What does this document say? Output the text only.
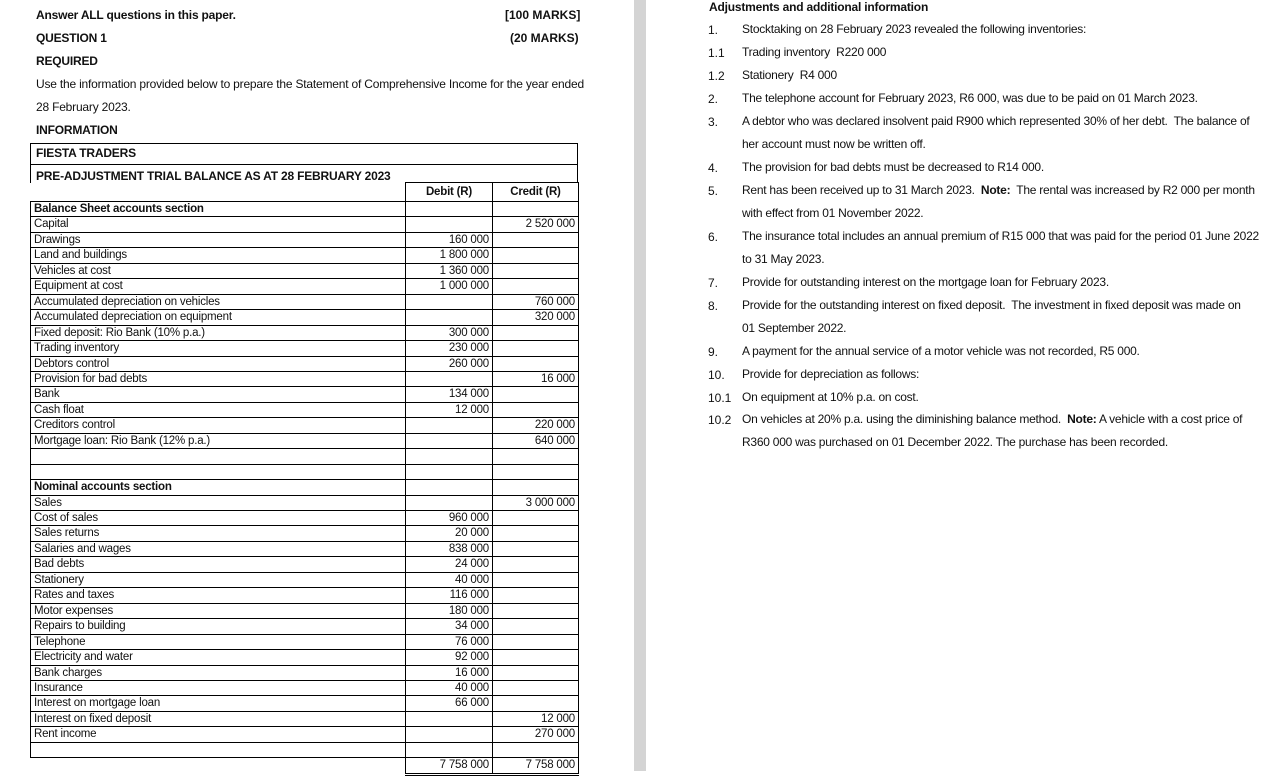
Answer ALL questions in this paper.	[100 MARKS]
QUESTION 1	(20 MARKS)
REQUIRED
Use the information provided below to prepare the Statement of Comprehensive Income for the year ended
28 February 2023.
INFORMATION
FIESTA TRADERS
PRE-ADJUSTMENT TRIAL BALANCE AS AT 28 FEBRUARY 2023
	Debit (R)	Credit (R)
Balance Sheet accounts section		
Capital		2 520 000
Drawings	160 000	
Land and buildings	1 800 000	
Vehicles at cost	1 360 000	
Equipment at cost	1 000 000	
Accumulated depreciation on vehicles		760 000
Accumulated depreciation on equipment		320 000
Fixed deposit: Rio Bank (10% p.a.)	300 000	
Trading inventory	230 000	
Debtors control	260 000	
Provision for bad debts		16 000
Bank	134 000	
Cash float	12 000	
Creditors control		220 000
Mortgage loan: Rio Bank (12% p.a.)		640 000

Nominal accounts section		
Sales		3 000 000
Cost of sales	960 000	
Sales returns	20 000	
Salaries and wages	838 000	
Bad debts	24 000	
Stationery	40 000	
Rates and taxes	116 000	
Motor expenses	180 000	
Repairs to building	34 000	
Telephone	76 000	
Electricity and water	92 000	
Bank charges	16 000	
Insurance	40 000	
Interest on mortgage loan	66 000	
Interest on fixed deposit		12 000
Rent income		270 000

	7 758 000	7 758 000
Adjustments and additional information
1. Stocktaking on 28 February 2023 revealed the following inventories:
1.1 Trading inventory  R220 000
1.2 Stationery  R4 000
2. The telephone account for February 2023, R6 000, was due to be paid on 01 March 2023.
3. A debtor who was declared insolvent paid R900 which represented 30% of her debt.  The balance of
her account must now be written off.
4. The provision for bad debts must be decreased to R14 000.
5. Rent has been received up to 31 March 2023.  Note:  The rental was increased by R2 000 per month
with effect from 01 November 2022.
6. The insurance total includes an annual premium of R15 000 that was paid for the period 01 June 2022
to 31 May 2023.
7. Provide for outstanding interest on the mortgage loan for February 2023.
8. Provide for the outstanding interest on fixed deposit.  The investment in fixed deposit was made on
01 September 2022.
9. A payment for the annual service of a motor vehicle was not recorded, R5 000.
10. Provide for depreciation as follows:
10.1 On equipment at 10% p.a. on cost.
10.2 On vehicles at 20% p.a. using the diminishing balance method.  Note: A vehicle with a cost price of
R360 000 was purchased on 01 December 2022. The purchase has been recorded.
